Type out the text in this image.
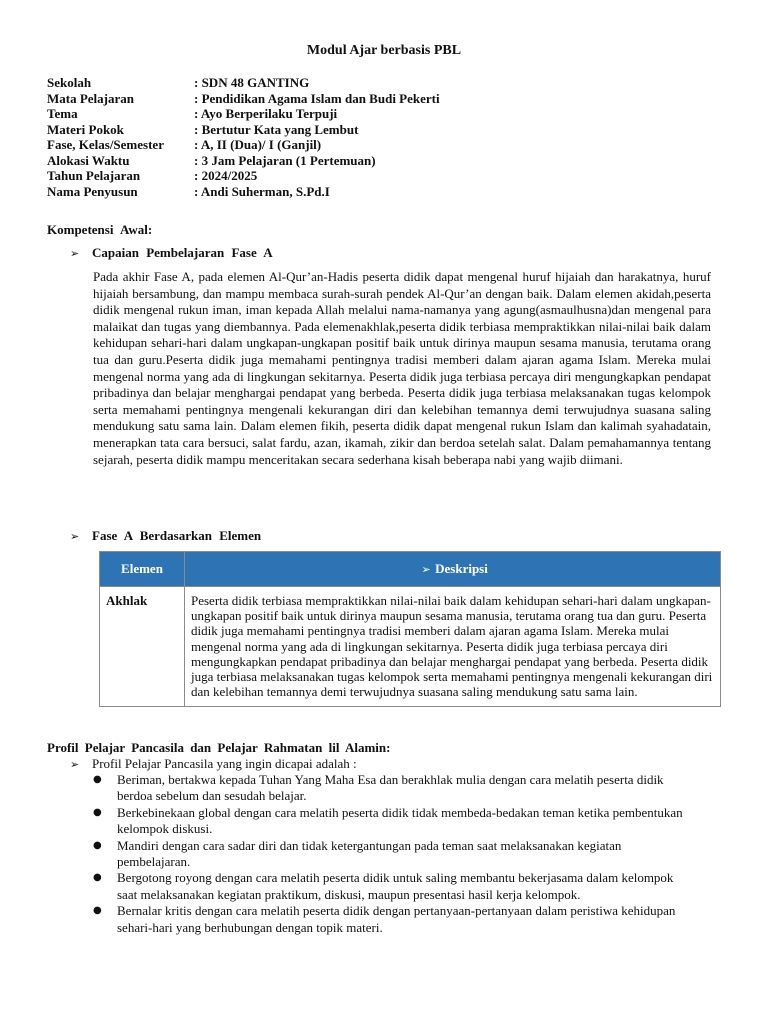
Modul Ajar berbasis PBL
Sekolah	: SDN 48 GANTING
Mata Pelajaran	: Pendidikan Agama Islam dan Budi Pekerti
Tema	: Ayo Berperilaku Terpuji
Materi Pokok	: Bertutur Kata yang Lembut
Fase, Kelas/Semester	: A, II (Dua)/ I (Ganjil)
Alokasi Waktu	: 3 Jam Pelajaran (1 Pertemuan)
Tahun Pelajaran	: 2024/2025
Nama Penyusun	: Andi Suherman, S.Pd.I
Kompetensi Awal:
➢ Capaian Pembelajaran Fase A
Pada akhir Fase A, pada elemen Al-Qur’an-Hadis peserta didik dapat mengenal huruf hijaiah dan harakatnya, huruf hijaiah bersambung, dan mampu membaca surah-surah pendek Al-Qur’an dengan baik. Dalam elemen akidah,peserta didik mengenal rukun iman, iman kepada Allah melalui nama-namanya yang agung(asmaulhusna)dan mengenal para malaikat dan tugas yang diembannya. Pada elemenakhlak,peserta didik terbiasa mempraktikkan nilai-nilai baik dalam kehidupan sehari-hari dalam ungkapan-ungkapan positif baik untuk dirinya maupun sesama manusia, terutama orang tua dan guru.Peserta didik juga memahami pentingnya tradisi memberi dalam ajaran agama Islam. Mereka mulai mengenal norma yang ada di lingkungan sekitarnya. Peserta didik juga terbiasa percaya diri mengungkapkan pendapat pribadinya dan belajar menghargai pendapat yang berbeda. Peserta didik juga terbiasa melaksanakan tugas kelompok serta memahami pentingnya mengenali kekurangan diri dan kelebihan temannya demi terwujudnya suasana saling mendukung satu sama lain. Dalam elemen fikih, peserta didik dapat mengenal rukun Islam dan kalimah syahadatain, menerapkan tata cara bersuci, salat fardu, azan, ikamah, zikir dan berdoa setelah salat. Dalam pemahamannya tentang sejarah, peserta didik mampu menceritakan secara sederhana kisah beberapa nabi yang wajib diimani.
➢ Fase A Berdasarkan Elemen
Elemen	➢ Deskripsi
Akhlak	Peserta didik terbiasa mempraktikkan nilai-nilai baik dalam kehidupan sehari-hari dalam ungkapan-ungkapan positif baik untuk dirinya maupun sesama manusia, terutama orang tua dan guru. Peserta didik juga memahami pentingnya tradisi memberi dalam ajaran agama Islam. Mereka mulai mengenal norma yang ada di lingkungan sekitarnya. Peserta didik juga terbiasa percaya diri mengungkapkan pendapat pribadinya dan belajar menghargai pendapat yang berbeda. Peserta didik juga terbiasa melaksanakan tugas kelompok serta memahami pentingnya mengenali kekurangan diri dan kelebihan temannya demi terwujudnya suasana saling mendukung satu sama lain.
Profil Pelajar Pancasila dan Pelajar Rahmatan lil Alamin:
➢ Profil Pelajar Pancasila yang ingin dicapai adalah :
● Beriman, bertakwa kepada Tuhan Yang Maha Esa dan berakhlak mulia dengan cara melatih peserta didik berdoa sebelum dan sesudah belajar.
● Berkebinekaan global dengan cara melatih peserta didik tidak membeda-bedakan teman ketika pembentukan kelompok diskusi.
● Mandiri dengan cara sadar diri dan tidak ketergantungan pada teman saat melaksanakan kegiatan pembelajaran.
● Bergotong royong dengan cara melatih peserta didik untuk saling membantu bekerjasama dalam kelompok saat melaksanakan kegiatan praktikum, diskusi, maupun presentasi hasil kerja kelompok.
● Bernalar kritis dengan cara melatih peserta didik dengan pertanyaan-pertanyaan dalam peristiwa kehidupan sehari-hari yang berhubungan dengan topik materi.
